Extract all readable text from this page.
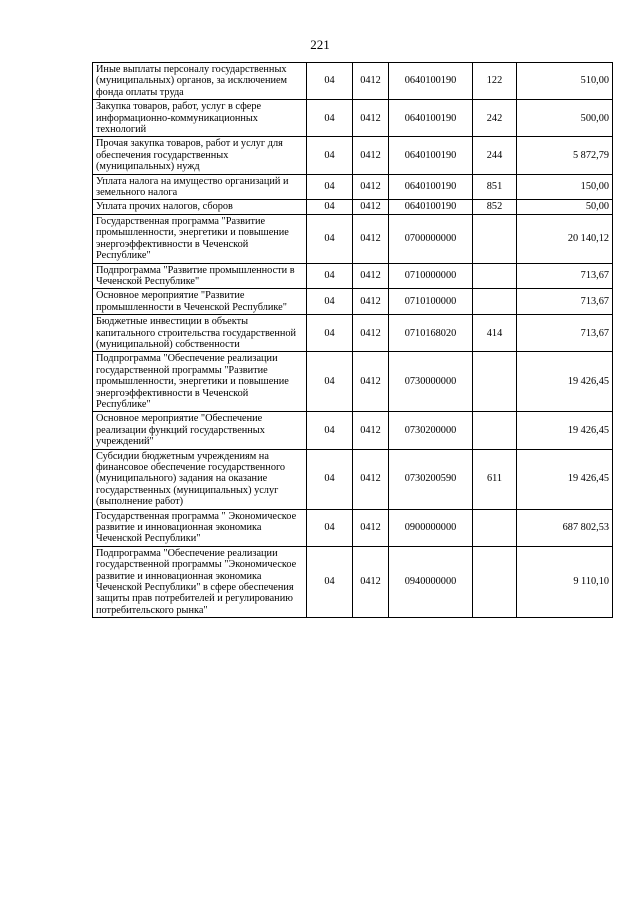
221
Иные выплаты персоналу государственных (муниципальных) органов, за исключением фонда оплаты труда	04	0412	0640100190	122	510,00
Закупка товаров, работ, услуг в сфере информационно-коммуникационных технологий	04	0412	0640100190	242	500,00
Прочая закупка товаров, работ и услуг для обеспечения государственных (муниципальных) нужд	04	0412	0640100190	244	5 872,79
Уплата налога на имущество организаций и земельного налога	04	0412	0640100190	851	150,00
Уплата прочих налогов, сборов	04	0412	0640100190	852	50,00
Государственная программа "Развитие промышленности, энергетики и повышение энергоэффективности в Чеченской Республике"	04	0412	0700000000		20 140,12
Подпрограмма "Развитие промышленности в Чеченской Республике"	04	0412	0710000000		713,67
Основное мероприятие "Развитие промышленности в Чеченской Республике"	04	0412	0710100000		713,67
Бюджетные инвестиции в объекты капитального строительства государственной (муниципальной) собственности	04	0412	0710168020	414	713,67
Подпрограмма "Обеспечение реализации государственной программы "Развитие промышленности, энергетики и повышение энергоэффективности в Чеченской Республике"	04	0412	0730000000		19 426,45
Основное мероприятие "Обеспечение реализации функций государственных учреждений"	04	0412	0730200000		19 426,45
Субсидии бюджетным учреждениям на финансовое обеспечение государственного (муниципального) задания на оказание государственных (муниципальных) услуг (выполнение работ)	04	0412	0730200590	611	19 426,45
Государственная программа " Экономическое развитие и инновационная экономика Чеченской Республики"	04	0412	0900000000		687 802,53
Подпрограмма "Обеспечение реализации государственной программы "Экономическое развитие и инновационная экономика Чеченской Республики" в сфере обеспечения защиты прав потребителей и регулированию потребительского рынка"	04	0412	0940000000		9 110,10
